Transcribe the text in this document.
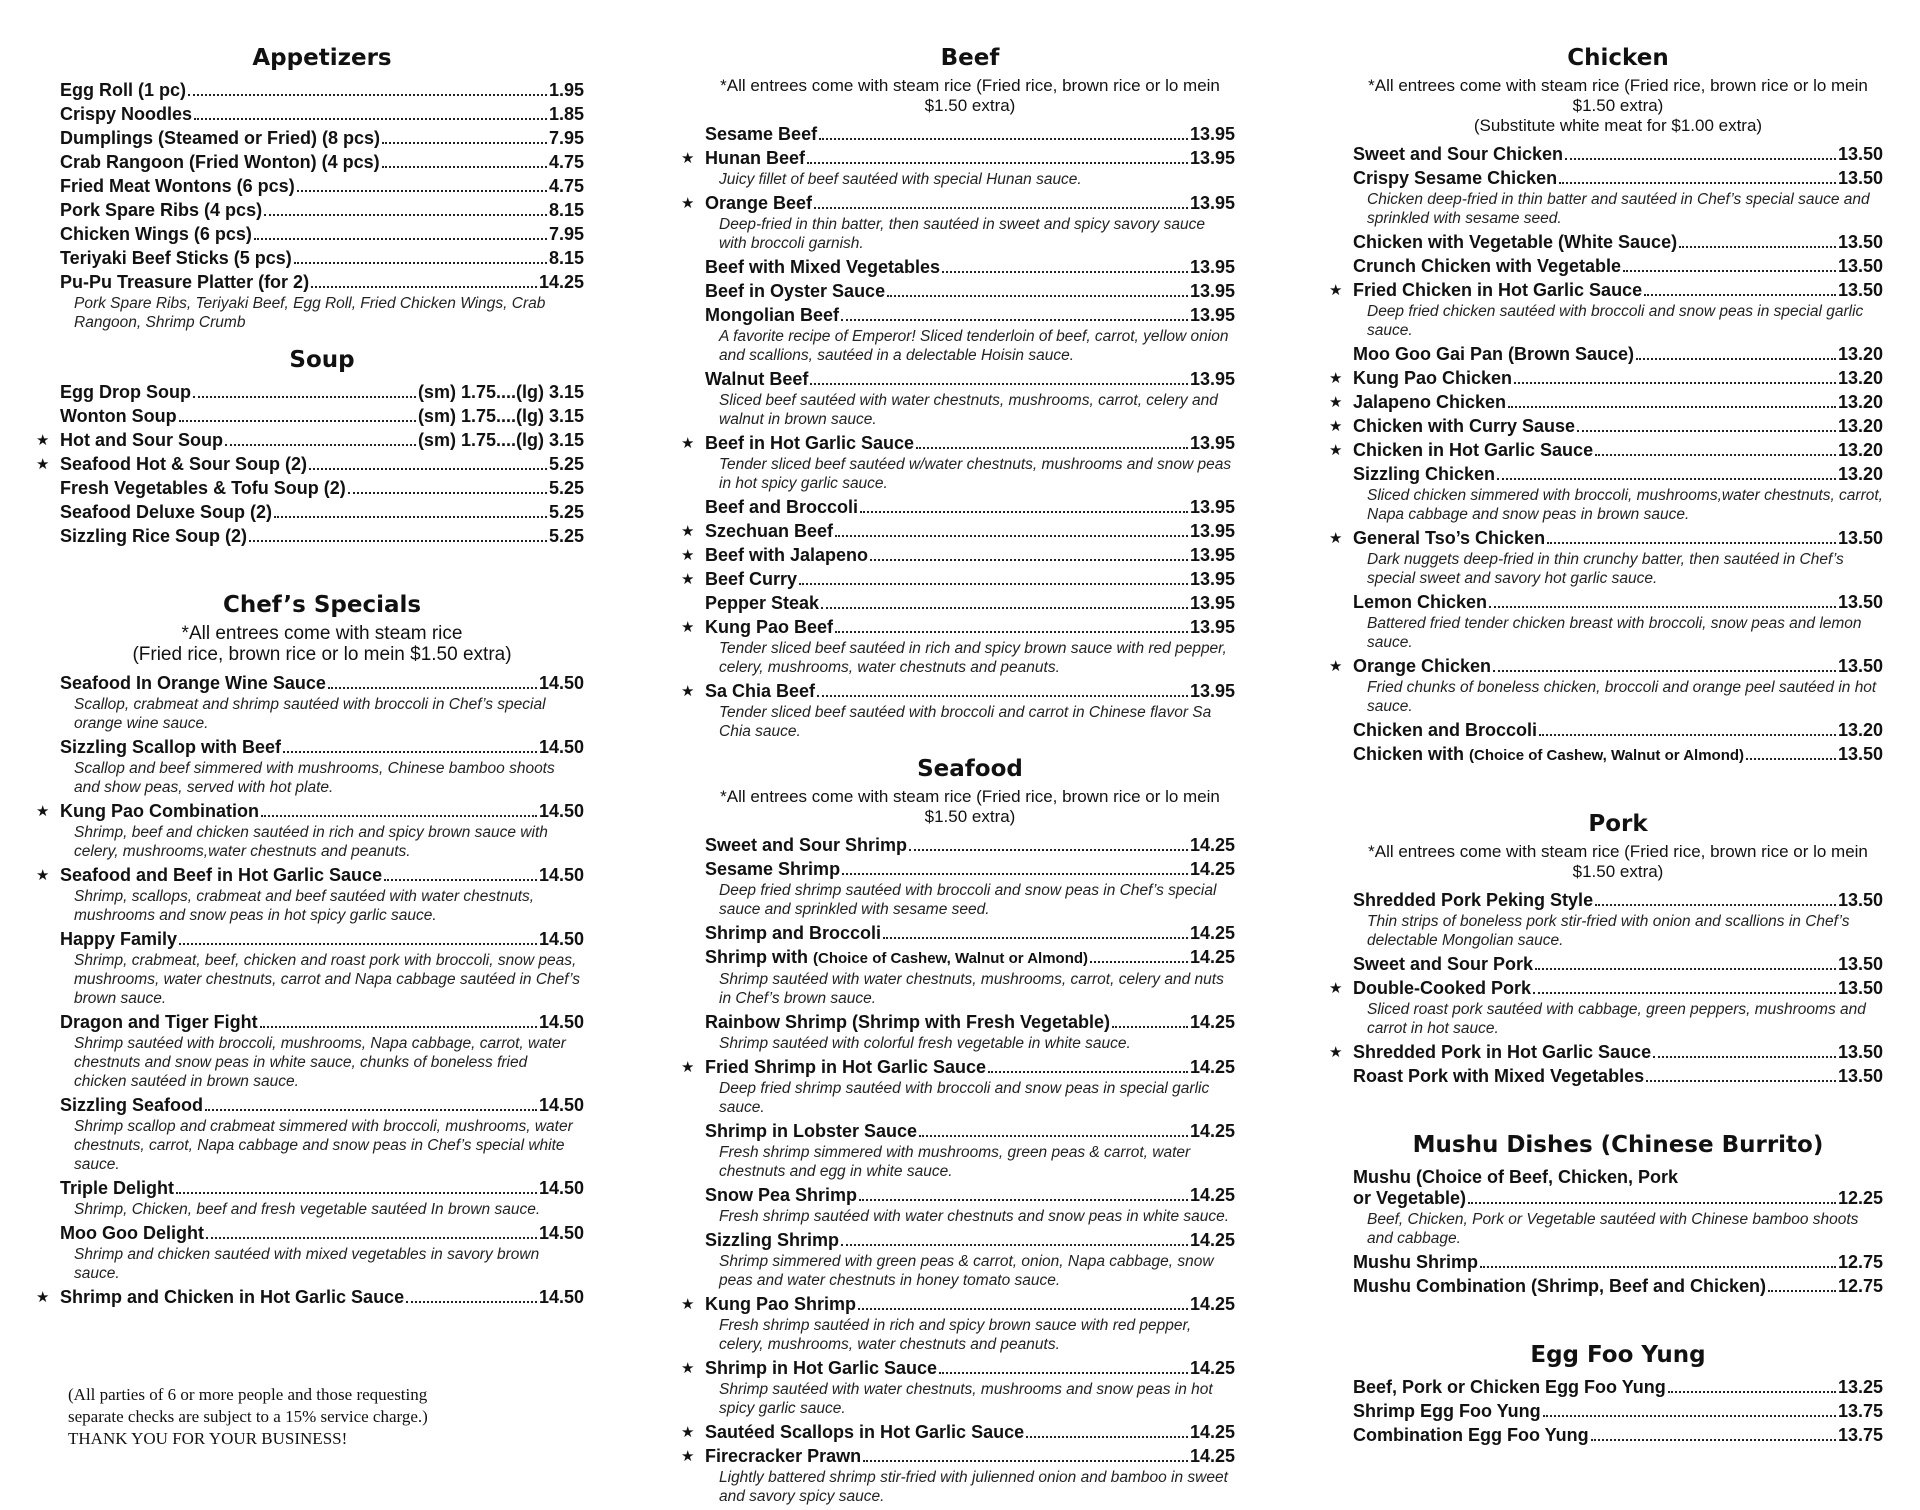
Appetizers
Egg Roll (1 pc)	1.95
Crispy Noodles	1.85
Dumplings (Steamed or Fried) (8 pcs)	7.95
Crab Rangoon (Fried Wonton) (4 pcs)	4.75
Fried Meat Wontons (6 pcs)	4.75
Pork Spare Ribs (4 pcs)	8.15
Chicken Wings (6 pcs)	7.95
Teriyaki Beef Sticks (5 pcs)	8.15
Pu-Pu Treasure Platter (for 2)	14.25
Pork Spare Ribs, Teriyaki Beef, Egg Roll, Fried Chicken Wings, Crab Rangoon, Shrimp Crumb
Soup
Egg Drop Soup	(sm) 1.75....(lg) 3.15
Wonton Soup	(sm) 1.75....(lg) 3.15
★ Hot and Sour Soup	(sm) 1.75....(lg) 3.15
★ Seafood Hot & Sour Soup (2)	5.25
Fresh Vegetables & Tofu Soup (2)	5.25
Seafood Deluxe Soup (2)	5.25
Sizzling Rice Soup (2)	5.25
Chef’s Specials
*All entrees come with steam rice
(Fried rice, brown rice or lo mein $1.50 extra)
Seafood In Orange Wine Sauce	14.50
Scallop, crabmeat and shrimp sautéed with broccoli in Chef’s special orange wine sauce.
Sizzling Scallop with Beef	14.50
Scallop and beef simmered with mushrooms, Chinese bamboo shoots and show peas, served with hot plate.
★ Kung Pao Combination	14.50
Shrimp, beef and chicken sautéed in rich and spicy brown sauce with celery, mushrooms,water chestnuts and peanuts.
★ Seafood and Beef in Hot Garlic Sauce	14.50
Shrimp, scallops, crabmeat and beef sautéed with water chestnuts, mushrooms and snow peas in hot spicy garlic sauce.
Happy Family	14.50
Shrimp, crabmeat, beef, chicken and roast pork with broccoli, snow peas, mushrooms, water chestnuts, carrot and Napa cabbage sautéed in Chef’s brown sauce.
Dragon and Tiger Fight	14.50
Shrimp sautéed with broccoli, mushrooms, Napa cabbage, carrot, water chestnuts and snow peas in white sauce, chunks of boneless fried chicken sautéed in brown sauce.
Sizzling Seafood	14.50
Shrimp scallop and crabmeat simmered with broccoli, mushrooms, water chestnuts, carrot, Napa cabbage and snow peas in Chef’s special white sauce.
Triple Delight	14.50
Shrimp, Chicken, beef and fresh vegetable sautéed In brown sauce.
Moo Goo Delight	14.50
Shrimp and chicken sautéed with mixed vegetables in savory brown sauce.
★ Shrimp and Chicken in Hot Garlic Sauce	14.50
(All parties of 6 or more people and those requesting
separate checks are subject to a 15% service charge.)
THANK YOU FOR YOUR BUSINESS!
Beef
*All entrees come with steam rice (Fried rice, brown rice or lo mein $1.50 extra)
Sesame Beef	13.95
★ Hunan Beef	13.95
Juicy fillet of beef sautéed with special Hunan sauce.
★ Orange Beef	13.95
Deep-fried in thin batter, then sautéed in sweet and spicy savory sauce with broccoli garnish.
Beef with Mixed Vegetables	13.95
Beef in Oyster Sauce	13.95
Mongolian Beef	13.95
A favorite recipe of Emperor! Sliced tenderloin of beef, carrot, yellow onion and scallions, sautéed in a delectable Hoisin sauce.
Walnut Beef	13.95
Sliced beef sautéed with water chestnuts, mushrooms, carrot, celery and walnut in brown sauce.
★ Beef in Hot Garlic Sauce	13.95
Tender sliced beef sautéed w/water chestnuts, mushrooms and snow peas in hot spicy garlic sauce.
Beef and Broccoli	13.95
★ Szechuan Beef	13.95
★ Beef with Jalapeno	13.95
★ Beef Curry	13.95
Pepper Steak	13.95
★ Kung Pao Beef	13.95
Tender sliced beef sautéed in rich and spicy brown sauce with red pepper, celery, mushrooms, water chestnuts and peanuts.
★ Sa Chia Beef	13.95
Tender sliced beef sautéed with broccoli and carrot in Chinese flavor Sa Chia sauce.
Seafood
*All entrees come with steam rice (Fried rice, brown rice or lo mein $1.50 extra)
Sweet and Sour Shrimp	14.25
Sesame Shrimp	14.25
Deep fried shrimp sautéed with broccoli and snow peas in Chef’s special sauce and sprinkled with sesame seed.
Shrimp and Broccoli	14.25
Shrimp with (Choice of Cashew, Walnut or Almond)	14.25
Shrimp sautéed with water chestnuts, mushrooms, carrot, celery and nuts in Chef’s brown sauce.
Rainbow Shrimp (Shrimp with Fresh Vegetable)	14.25
Shrimp sautéed with colorful fresh vegetable in white sauce.
★ Fried Shrimp in Hot Garlic Sauce	14.25
Deep fried shrimp sautéed with broccoli and snow peas in special garlic sauce.
Shrimp in Lobster Sauce	14.25
Fresh shrimp simmered with mushrooms, green peas & carrot, water chestnuts and egg in white sauce.
Snow Pea Shrimp	14.25
Fresh shrimp sautéed with water chestnuts and snow peas in white sauce.
Sizzling Shrimp	14.25
Shrimp simmered with green peas & carrot, onion, Napa cabbage, snow peas and water chestnuts in honey tomato sauce.
★ Kung Pao Shrimp	14.25
Fresh shrimp sautéed in rich and spicy brown sauce with red pepper, celery, mushrooms, water chestnuts and peanuts.
★ Shrimp in Hot Garlic Sauce	14.25
Shrimp sautéed with water chestnuts, mushrooms and snow peas in hot spicy garlic sauce.
★ Sautéed Scallops in Hot Garlic Sauce	14.25
★ Firecracker Prawn	14.25
Lightly battered shrimp stir-fried with julienned onion and bamboo in sweet and savory spicy sauce.
Chicken
*All entrees come with steam rice (Fried rice, brown rice or lo mein $1.50 extra)
(Substitute white meat for $1.00 extra)
Sweet and Sour Chicken	13.50
Crispy Sesame Chicken	13.50
Chicken deep-fried in thin batter and sautéed in Chef’s special sauce and sprinkled with sesame seed.
Chicken with Vegetable (White Sauce)	13.50
Crunch Chicken with Vegetable	13.50
★ Fried Chicken in Hot Garlic Sauce	13.50
Deep fried chicken sautéed with broccoli and snow peas in special garlic sauce.
Moo Goo Gai Pan (Brown Sauce)	13.20
★ Kung Pao Chicken	13.20
★ Jalapeno Chicken	13.20
★ Chicken with Curry Sause	13.20
★ Chicken in Hot Garlic Sauce	13.20
Sizzling Chicken	13.20
Sliced chicken simmered with broccoli, mushrooms,water chestnuts, carrot, Napa cabbage and snow peas in brown sauce.
★ General Tso’s Chicken	13.50
Dark nuggets deep-fried in thin crunchy batter, then sautéed in Chef’s special sweet and savory hot garlic sauce.
Lemon Chicken	13.50
Battered fried tender chicken breast with broccoli, snow peas and lemon sauce.
★ Orange Chicken	13.50
Fried chunks of boneless chicken, broccoli and orange peel sautéed in hot sauce.
Chicken and Broccoli	13.20
Chicken with (Choice of Cashew, Walnut or Almond)	13.50
Pork
*All entrees come with steam rice (Fried rice, brown rice or lo mein $1.50 extra)
Shredded Pork Peking Style	13.50
Thin strips of boneless pork stir-fried with onion and scallions in Chef’s delectable Mongolian sauce.
Sweet and Sour Pork	13.50
★ Double-Cooked Pork	13.50
Sliced roast pork sautéed with cabbage, green peppers, mushrooms and carrot in hot sauce.
★ Shredded Pork in Hot Garlic Sauce	13.50
Roast Pork with Mixed Vegetables	13.50
Mushu Dishes (Chinese Burrito)
Mushu (Choice of Beef, Chicken, Pork
or Vegetable)	12.25
Beef, Chicken, Pork or Vegetable sautéed with Chinese bamboo shoots and cabbage.
Mushu Shrimp	12.75
Mushu Combination (Shrimp, Beef and Chicken)	12.75
Egg Foo Yung
Beef, Pork or Chicken Egg Foo Yung	13.25
Shrimp Egg Foo Yung	13.75
Combination Egg Foo Yung	13.75
